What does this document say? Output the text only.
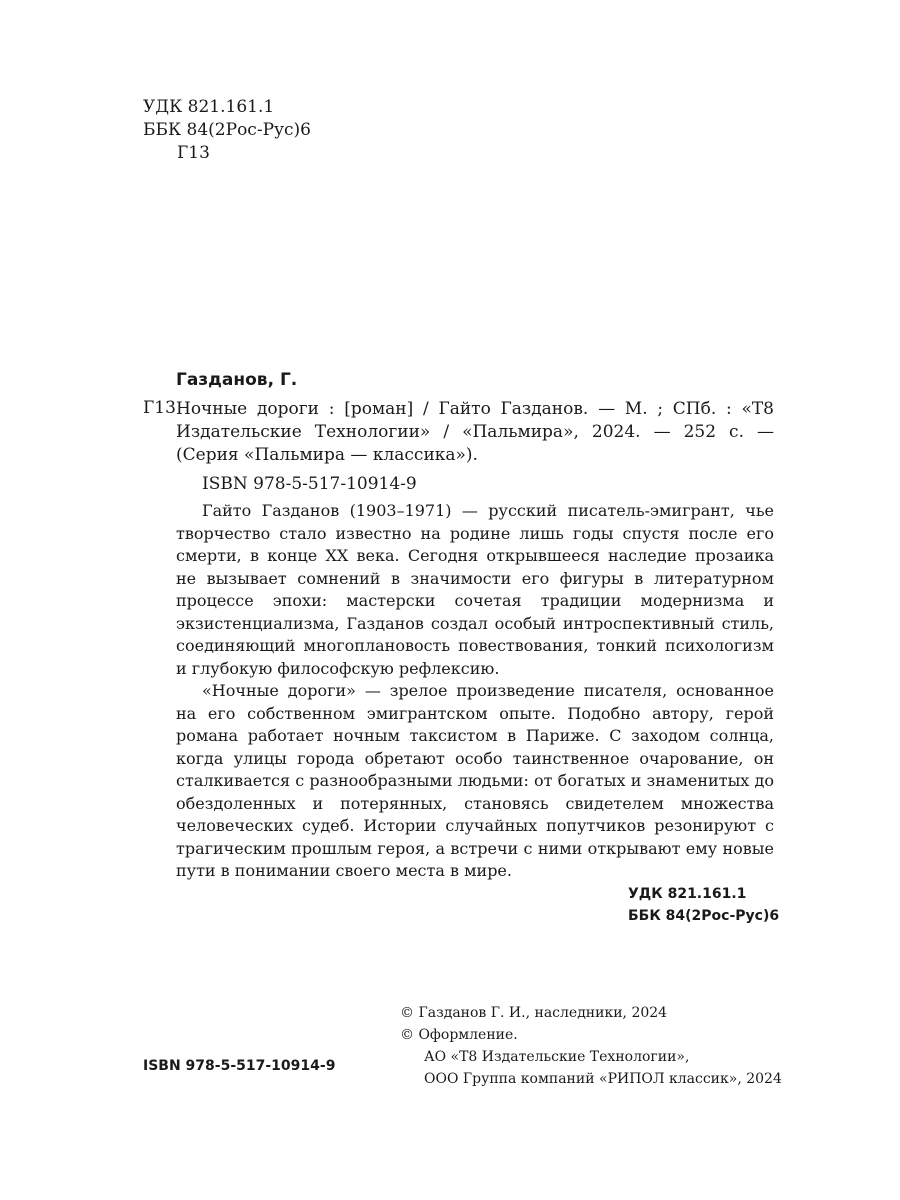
УДК 821.161.1
ББК 84(2Рос-Рус)6
Г13
Газданов, Г.
Г13 Ночные дороги : [роман] / Гайто Газданов. — М. ; СПб. : «Т8 Издательские Технологии» / «Пальмира», 2024. — 252 с. — (Серия «Пальмира — классика»).
ISBN 978-5-517-10914-9

Гайто Газданов (1903–1971) — русский писатель-эмигрант, чье творчество стало известно на родине лишь годы спустя после его смерти, в конце XX века. Сегодня открывшееся наследие прозаика не вызывает сомнений в значимости его фигуры в литературном процессе эпохи: мастерски сочетая традиции модернизма и экзистенциализма, Газданов создал особый интроспективный стиль, соединяющий многоплановость повествования, тонкий психологизм и глубокую философскую рефлексию.

«Ночные дороги» — зрелое произведение писателя, основанное на его собственном эмигрантском опыте. Подобно автору, герой романа работает ночным таксистом в Париже. С заходом солнца, когда улицы города обретают особо таинственное очарование, он сталкивается с разнообразными людьми: от богатых и знаменитых до обездоленных и потерянных, становясь свидетелем множества человеческих судеб. Истории случайных попутчиков резонируют с трагическим прошлым героя, а встречи с ними открывают ему новые пути в понимании своего места в мире.

УДК 821.161.1
ББК 84(2Рос-Рус)6
© Газданов Г. И., наследники, 2024
© Оформление.
АО «Т8 Издательские Технологии»,
ООО Группа компаний «РИПОЛ классик», 2024
ISBN 978-5-517-10914-9
